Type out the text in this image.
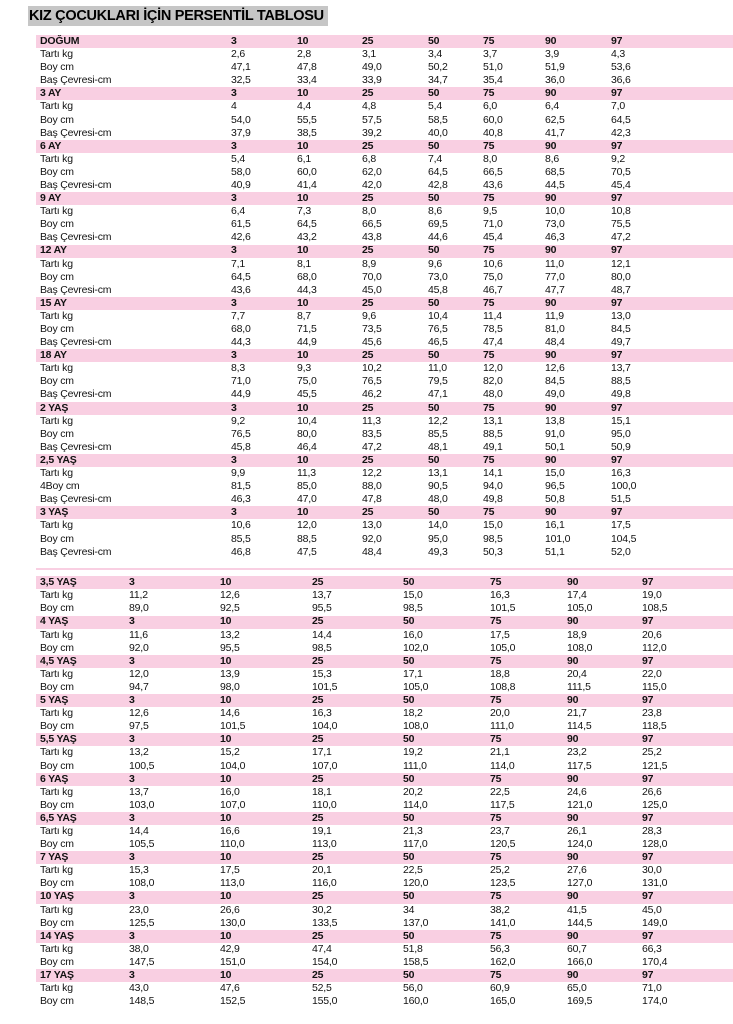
KIZ ÇOCUKLARI İÇİN PERSENTİL TABLOSU
DOĞUM	3	10	25	50	75	90	97
Tartı kg	2,6	2,8	3,1	3,4	3,7	3,9	4,3
Boy cm	47,1	47,8	49,0	50,2	51,0	51,9	53,6
Baş Çevresi-cm	32,5	33,4	33,9	34,7	35,4	36,0	36,6
3 AY	3	10	25	50	75	90	97
Tartı kg	4	4,4	4,8	5,4	6,0	6,4	7,0
Boy cm	54,0	55,5	57,5	58,5	60,0	62,5	64,5
Baş Çevresi-cm	37,9	38,5	39,2	40,0	40,8	41,7	42,3
6 AY	3	10	25	50	75	90	97
Tartı kg	5,4	6,1	6,8	7,4	8,0	8,6	9,2
Boy cm	58,0	60,0	62,0	64,5	66,5	68,5	70,5
Baş Çevresi-cm	40,9	41,4	42,0	42,8	43,6	44,5	45,4
9 AY	3	10	25	50	75	90	97
Tartı kg	6,4	7,3	8,0	8,6	9,5	10,0	10,8
Boy cm	61,5	64,5	66,5	69,5	71,0	73,0	75,5
Baş Çevresi-cm	42,6	43,2	43,8	44,6	45,4	46,3	47,2
12 AY	3	10	25	50	75	90	97
Tartı kg	7,1	8,1	8,9	9,6	10,6	11,0	12,1
Boy cm	64,5	68,0	70,0	73,0	75,0	77,0	80,0
Baş Çevresi-cm	43,6	44,3	45,0	45,8	46,7	47,7	48,7
15 AY	3	10	25	50	75	90	97
Tartı kg	7,7	8,7	9,6	10,4	11,4	11,9	13,0
Boy cm	68,0	71,5	73,5	76,5	78,5	81,0	84,5
Baş Çevresi-cm	44,3	44,9	45,6	46,5	47,4	48,4	49,7
18 AY	3	10	25	50	75	90	97
Tartı kg	8,3	9,3	10,2	11,0	12,0	12,6	13,7
Boy cm	71,0	75,0	76,5	79,5	82,0	84,5	88,5
Baş Çevresi-cm	44,9	45,5	46,2	47,1	48,0	49,0	49,8
2 YAŞ	3	10	25	50	75	90	97
Tartı kg	9,2	10,4	11,3	12,2	13,1	13,8	15,1
Boy cm	76,5	80,0	83,5	85,5	88,5	91,0	95,0
Baş Çevresi-cm	45,8	46,4	47,2	48,1	49,1	50,1	50,9
2,5 YAŞ	3	10	25	50	75	90	97
Tartı kg	9,9	11,3	12,2	13,1	14,1	15,0	16,3
4Boy cm	81,5	85,0	88,0	90,5	94,0	96,5	100,0
Baş Çevresi-cm	46,3	47,0	47,8	48,0	49,8	50,8	51,5
3 YAŞ	3	10	25	50	75	90	97
Tartı kg	10,6	12,0	13,0	14,0	15,0	16,1	17,5
Boy cm	85,5	88,5	92,0	95,0	98,5	101,0	104,5
Baş Çevresi-cm	46,8	47,5	48,4	49,3	50,3	51,1	52,0
3,5 YAŞ	3	10	25	50	75	90	97
Tartı kg	11,2	12,6	13,7	15,0	16,3	17,4	19,0
Boy cm	89,0	92,5	95,5	98,5	101,5	105,0	108,5
4 YAŞ	3	10	25	50	75	90	97
Tartı kg	11,6	13,2	14,4	16,0	17,5	18,9	20,6
Boy cm	92,0	95,5	98,5	102,0	105,0	108,0	112,0
4,5 YAŞ	3	10	25	50	75	90	97
Tartı kg	12,0	13,9	15,3	17,1	18,8	20,4	22,0
Boy cm	94,7	98,0	101,5	105,0	108,8	111,5	115,0
5 YAŞ	3	10	25	50	75	90	97
Tartı kg	12,6	14,6	16,3	18,2	20,0	21,7	23,8
Boy cm	97,5	101,5	104,0	108,0	111,0	114,5	118,5
5,5 YAŞ	3	10	25	50	75	90	97
Tartı kg	13,2	15,2	17,1	19,2	21,1	23,2	25,2
Boy cm	100,5	104,0	107,0	111,0	114,0	117,5	121,5
6 YAŞ	3	10	25	50	75	90	97
Tartı kg	13,7	16,0	18,1	20,2	22,5	24,6	26,6
Boy cm	103,0	107,0	110,0	114,0	117,5	121,0	125,0
6,5 YAŞ	3	10	25	50	75	90	97
Tartı kg	14,4	16,6	19,1	21,3	23,7	26,1	28,3
Boy cm	105,5	110,0	113,0	117,0	120,5	124,0	128,0
7 YAŞ	3	10	25	50	75	90	97
Tartı kg	15,3	17,5	20,1	22,5	25,2	27,6	30,0
Boy cm	108,0	113,0	116,0	120,0	123,5	127,0	131,0
10 YAŞ	3	10	25	50	75	90	97
Tartı kg	23,0	26,6	30,2	34	38,2	41,5	45,0
Boy cm	125,5	130,0	133,5	137,0	141,0	144,5	149,0
14 YAŞ	3	10	25	50	75	90	97
Tartı kg	38,0	42,9	47,4	51,8	56,3	60,7	66,3
Boy cm	147,5	151,0	154,0	158,5	162,0	166,0	170,4
17 YAŞ	3	10	25	50	75	90	97
Tartı kg	43,0	47,6	52,5	56,0	60,9	65,0	71,0
Boy cm	148,5	152,5	155,0	160,0	165,0	169,5	174,0
